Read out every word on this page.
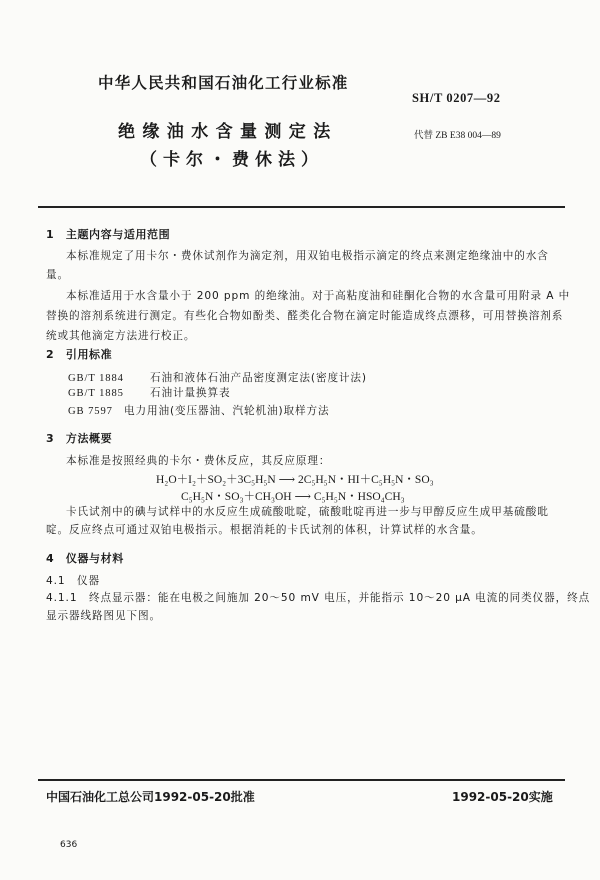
中华人民共和国石油化工行业标准
SH/T 0207—92
绝缘油水含量测定法
（卡尔・费休法）
代替 ZB E38 004—89
1　主题内容与适用范围
本标准规定了用卡尔・费休试剂作为滴定剂，用双铂电极指示滴定的终点来测定绝缘油中的水含
量。
本标准适用于水含量小于 200 ppm 的绝缘油。对于高粘度油和硅酮化合物的水含量可用附录 A 中
替换的溶剂系统进行测定。有些化合物如酚类、醛类化合物在滴定时能造成终点漂移，可用替换溶剂系
统或其他滴定方法进行校正。
2　引用标准
GB/T 1884 石油和液体石油产品密度测定法(密度计法)
GB/T 1885 石油计量换算表
GB 7597 电力用油(变压器油、汽轮机油)取样方法
3　方法概要
本标准是按照经典的卡尔・费休反应，其反应原理：
H₂O＋I₂＋SO₂＋3C₅H₅N ⟶ 2C₅H₅N・HI＋C₅H₅N・SO₃
C₅H₅N・SO₃＋CH₃OH ⟶ C₅H₅N・HSO₄CH₃
卡氏试剂中的碘与试样中的水反应生成硫酸吡啶，硫酸吡啶再进一步与甲醇反应生成甲基硫酸吡
啶。反应终点可通过双铂电极指示。根据消耗的卡氏试剂的体积，计算试样的水含量。
4　仪器与材料
4.1　仪器
4.1.1　终点显示器：能在电极之间施加 20～50 mV 电压，并能指示 10～20 μA 电流的同类仪器，终点
显示器线路图见下图。
中国石油化工总公司1992-05-20批准	1992-05-20实施
636
